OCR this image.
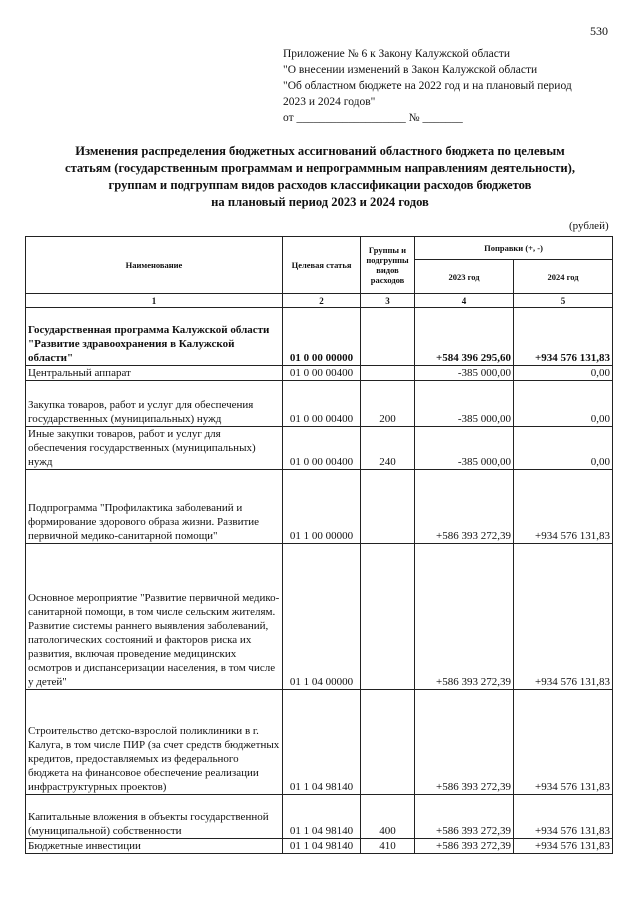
530
Приложение № 6 к Закону Калужской области
"О внесении изменений в Закон Калужской области
"Об областном бюджете на 2022 год и на плановый период
2023 и 2024 годов"
от ___________________ № _______
Изменения распределения бюджетных ассигнований областного бюджета по целевым
статьям (государственным программам и непрограммным направлениям деятельности),
группам и подгруппам видов расходов классификации расходов бюджетов
на плановый период 2023 и 2024 годов
(рублей)
Наименование	Целевая статья	Группы и подгруппы видов расходов	Поправки (+, -)	
			2023 год	2024 год
1	2	3	4	5
Государственная программа Калужской области "Развитие здравоохранения в Калужской области"	01 0 00 00000		+584 396 295,60	+934 576 131,83
Центральный аппарат	01 0 00 00400		-385 000,00	0,00
Закупка товаров, работ и услуг для обеспечения государственных (муниципальных) нужд	01 0 00 00400	200	-385 000,00	0,00
Иные закупки товаров, работ и услуг для обеспечения государственных (муниципальных) нужд	01 0 00 00400	240	-385 000,00	0,00
Подпрограмма "Профилактика заболеваний и формирование здорового образа жизни. Развитие первичной медико-санитарной помощи"	01 1 00 00000		+586 393 272,39	+934 576 131,83
Основное мероприятие "Развитие первичной медико-санитарной помощи, в том числе сельским жителям. Развитие системы раннего выявления заболеваний, патологических состояний и факторов риска их развития, включая проведение медицинских осмотров и диспансеризации населения, в том числе у детей"	01 1 04 00000		+586 393 272,39	+934 576 131,83
Строительство детско-взрослой поликлиники в г. Калуга, в том числе ПИР (за счет средств бюджетных кредитов, предоставляемых из федерального бюджета на финансовое обеспечение реализации инфраструктурных проектов)	01 1 04 98140		+586 393 272,39	+934 576 131,83
Капитальные вложения в объекты государственной (муниципальной) собственности	01 1 04 98140	400	+586 393 272,39	+934 576 131,83
Бюджетные инвестиции	01 1 04 98140	410	+586 393 272,39	+934 576 131,83
